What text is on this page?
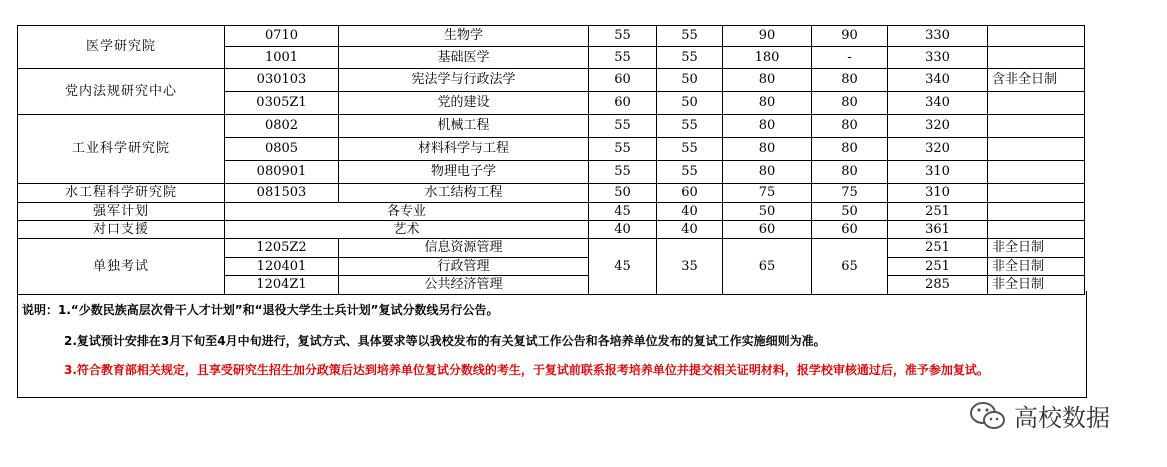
医学研究院	0710	生物学	55	55	90	90	330	
	1001	基础医学	55	55	180	-	330	
党内法规研究中心	030103	宪法学与行政法学	60	50	80	80	340	含非全日制
	0305Z1	党的建设	60	50	80	80	340	
工业科学研究院	0802	机械工程	55	55	80	80	320	
	0805	材料科学与工程	55	55	80	80	320	
	080901	物理电子学	55	55	80	80	310	
水工程科学研究院	081503	水工结构工程	50	60	75	75	310	
强军计划	各专业		45	40	50	50	251	
对口支援	艺术		40	40	60	60	361	
单独考试	1205Z2	信息资源管理	45	35	65	65	251	非全日制
	120401	行政管理					251	非全日制
	1204Z1	公共经济管理					285	非全日制
说明：1.“少数民族高层次骨干人才计划”和“退役大学生士兵计划”复试分数线另行公告。
2.复试预计安排在3月下旬至4月中旬进行，复试方式、具体要求等以我校发布的有关复试工作公告和各培养单位发布的复试工作实施细则为准。
3.符合教育部相关规定，且享受研究生招生加分政策后达到培养单位复试分数线的考生，于复试前联系报考培养单位并提交相关证明材料，报学校审核通过后，准予参加复试。
高校数据
